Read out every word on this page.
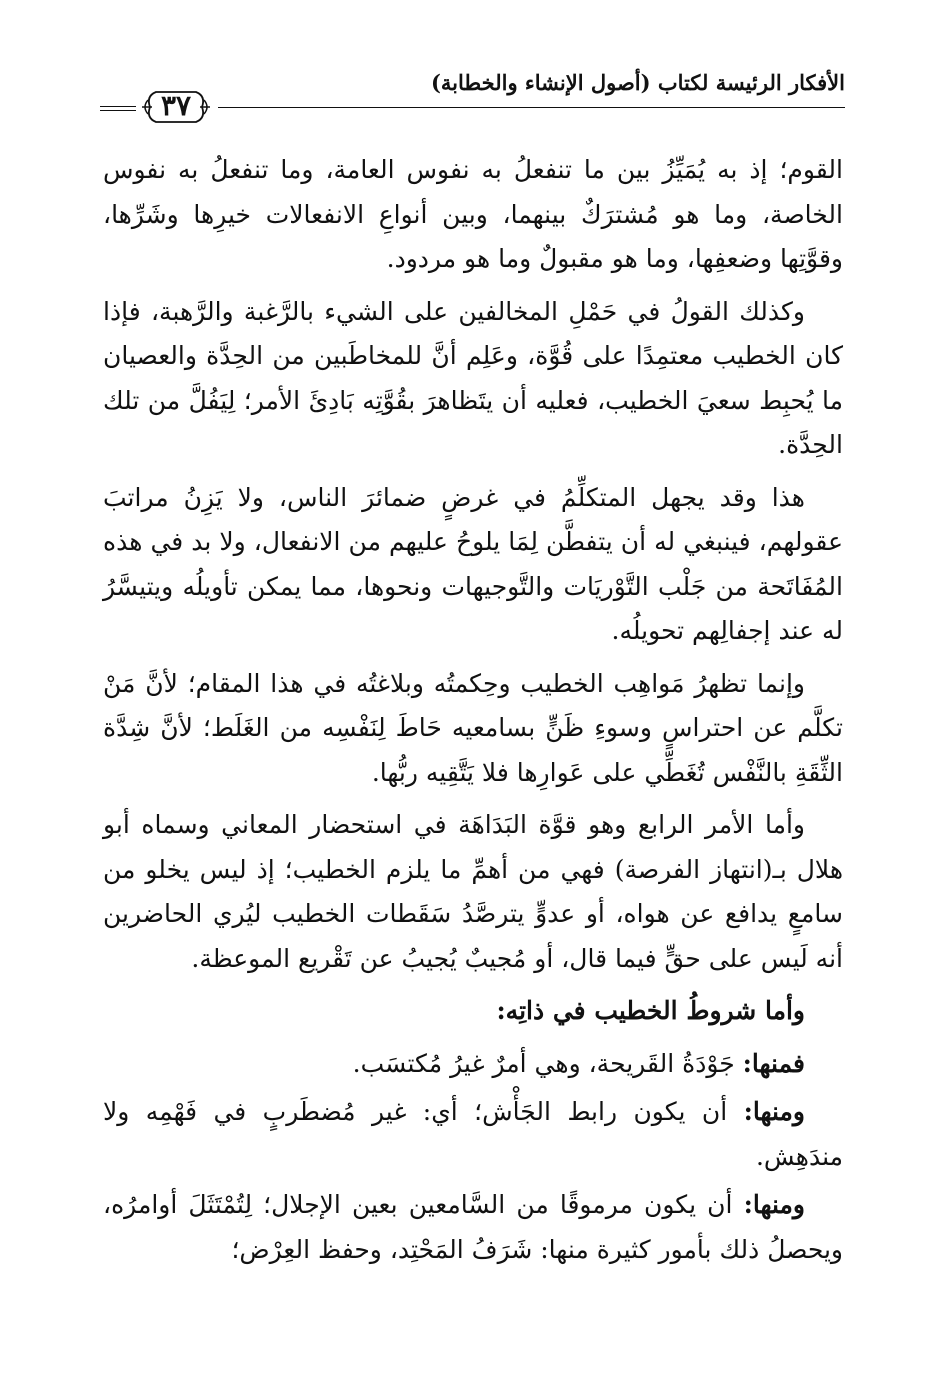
الأفكار الرئيسة لكتاب (أصول الإنشاء والخطابة)
٣٧

القوم؛ إذ به يُمَيِّزُ بين ما تنفعلُ به نفوس العامة، وما تنفعلُ به نفوس الخاصة، وما هو مُشترَكٌ بينهما، وبين أنواعِ الانفعالات خيرِها وشَرِّها، وقوَّتِها وضعفِها، وما هو مقبولٌ وما هو مردود.

وكذلك القولُ في حَمْلِ المخالفين على الشيء بالرَّغبة والرَّهبة، فإذا كان الخطيب معتمِدًا على قُوَّة، وعَلِم أنَّ للمخاطَبين من الحِدَّة والعصيان ما يُحبِط سعيَ الخطيب، فعليه أن يتَظاهرَ بقُوَّتِه بَادِئَ الأمر؛ لِيَفُلَّ من تلك الحِدَّة.

هذا وقد يجهل المتكلِّمُ في غرضٍ ضمائرَ الناس، ولا يَزِنُ مراتبَ عقولهم، فينبغي له أن يتفطَّن لِمَا يلوحُ عليهم من الانفعال، ولا بد في هذه المُفَاتَحة من جَلْب التَّوْريَات والتَّوجيهات ونحوها، مما يمكن تأويلُه ويتيسَّرُ له عند إجفالِهم تحويلُه.

وإنما تظهرُ مَواهِب الخطيب وحِكمتُه وبلاغتُه في هذا المقام؛ لأنَّ مَنْ تكلَّم عن احتراسٍ وسوءِ ظَنٍّ بسامعيه حَاطَ لِنَفْسِه من الغَلَط؛ لأنَّ شِدَّة الثِّقَةِ بالنَّفْس تُغَطِّي على عَوارِها فلا يَتَّقِيه ربُّها.

وأما الأمر الرابع وهو قوَّة البَدَاهَة في استحضار المعاني وسماه أبو هلال بـ(انتهاز الفرصة) فهي من أهمِّ ما يلزم الخطيب؛ إذ ليس يخلو من سامعٍ يدافع عن هواه، أو عدوٍّ يترصَّدُ سَقَطات الخطيب ليُري الحاضرين أنه لَيس على حقٍّ فيما قال، أو مُجيبٌ يُجيبُ عن تَقْريع الموعظة.

وأما شروطُ الخطيب في ذاتِه:

فمنها: جَوْدَةُ القَريحة، وهي أمرٌ غيرُ مُكتسَب.

ومنها: أن يكون رابط الجَأْش؛ أي: غير مُضطَربٍ في فَهْمِه ولا مندَهِش.

ومنها: أن يكون مرموقًا من السَّامعين بعين الإجلال؛ لِتُمْتَثَلَ أوامرُه، ويحصلُ ذلك بأمور كثيرة منها: شَرَفُ المَحْتِد، وحفظ العِرْض؛
